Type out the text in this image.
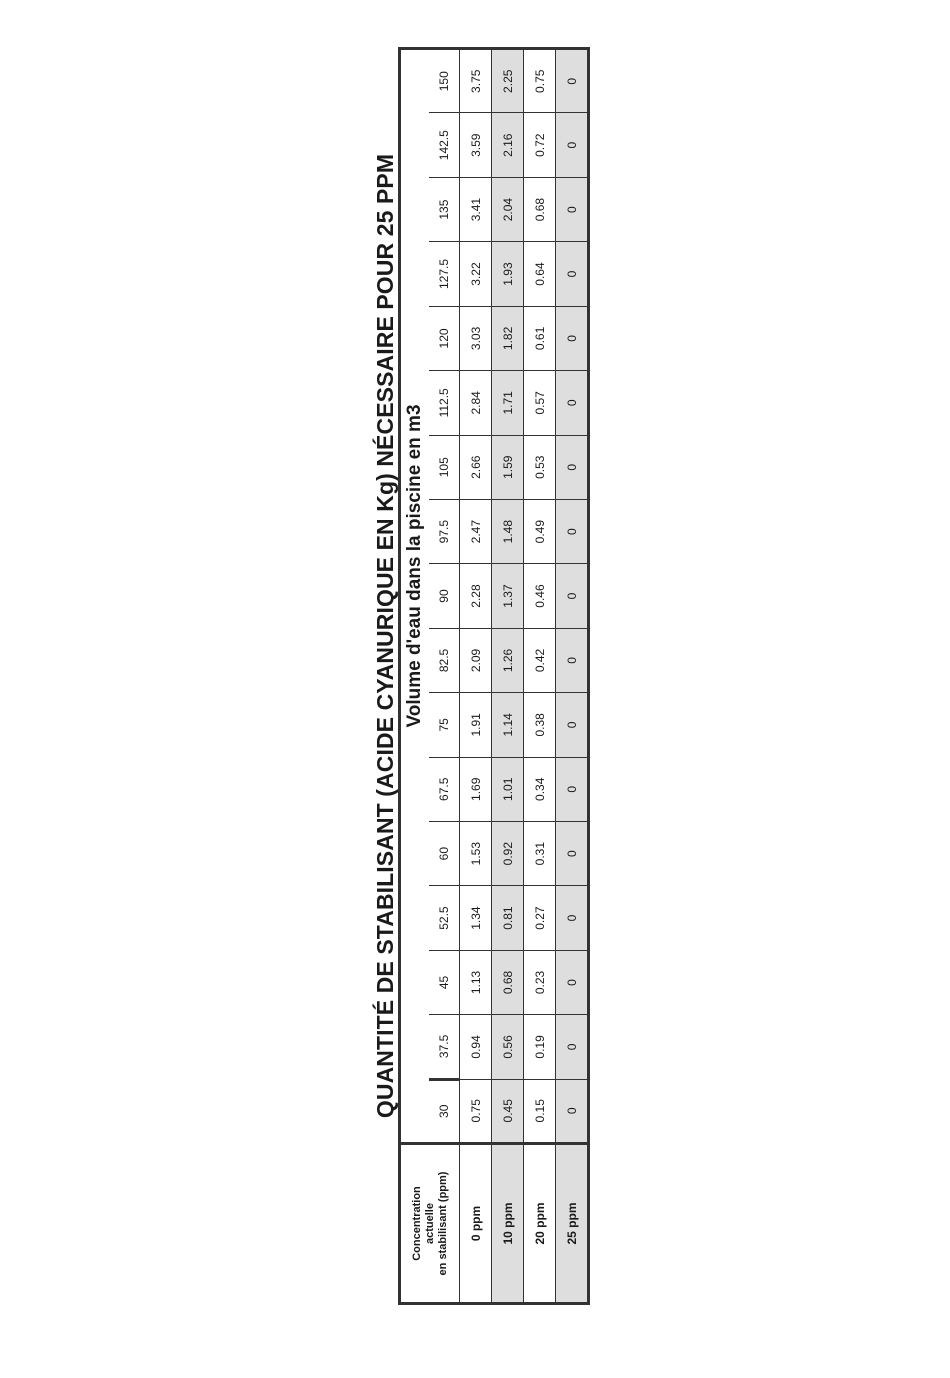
QUANTITÉ DE STABILISANT (ACIDE CYANURIQUE EN Kg) NÉCESSAIRE POUR 25 PPM
Concentration actuelle en stabilisant (ppm)	Volume d'eau dans la piscine en m3																
	30	37.5	45	52.5	60	67.5	75	82.5	90	97.5	105	112.5	120	127.5	135	142.5	150
0 ppm	0.75	0.94	1.13	1.34	1.53	1.69	1.91	2.09	2.28	2.47	2.66	2.84	3.03	3.22	3.41	3.59	3.75
10 ppm	0.45	0.56	0.68	0.81	0.92	1.01	1.14	1.26	1.37	1.48	1.59	1.71	1.82	1.93	2.04	2.16	2.25
20 ppm	0.15	0.19	0.23	0.27	0.31	0.34	0.38	0.42	0.46	0.49	0.53	0.57	0.61	0.64	0.68	0.72	0.75
25 ppm	0	0	0	0	0	0	0	0	0	0	0	0	0	0	0	0	0
